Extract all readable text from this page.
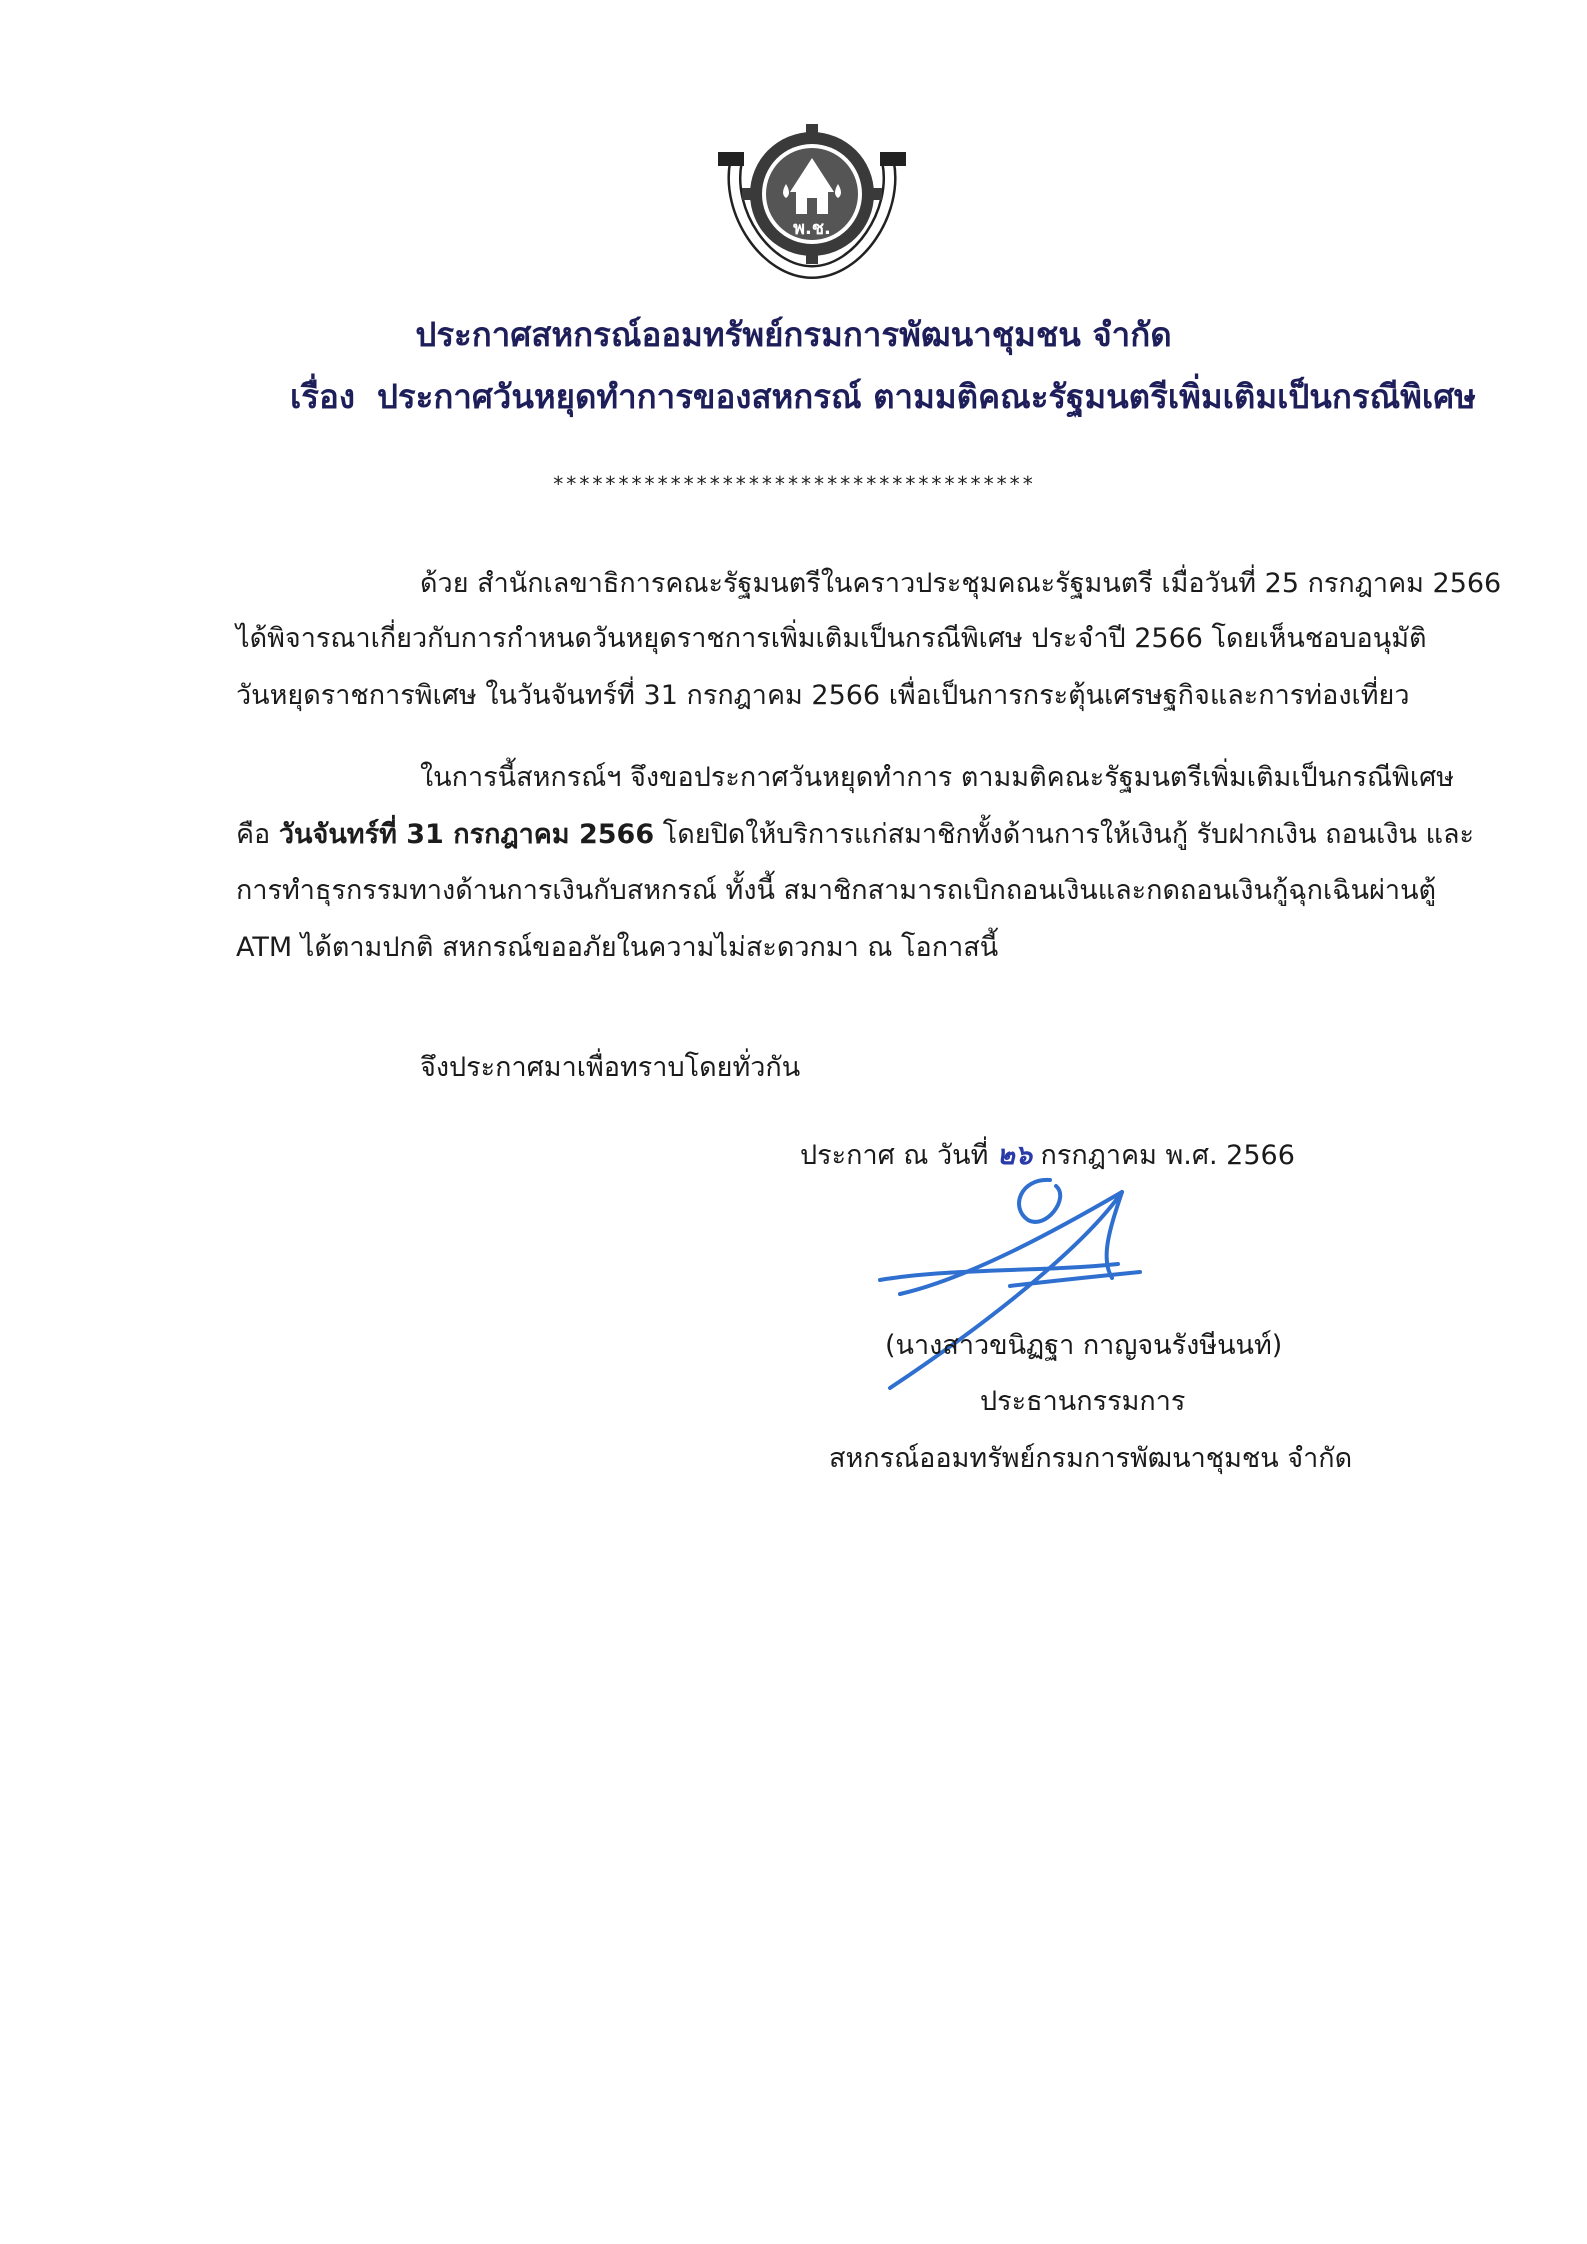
พ.ช.
ประกาศสหกรณ์ออมทรัพย์กรมการพัฒนาชุมชน จำกัด
เรื่อง ประกาศวันหยุดทำการของสหกรณ์ ตามมติคณะรัฐมนตรีเพิ่มเติมเป็นกรณีพิเศษ
*************************************
ด้วย สำนักเลขาธิการคณะรัฐมนตรีในคราวประชุมคณะรัฐมนตรี เมื่อวันที่ 25 กรกฎาคม 2566
ได้พิจารณาเกี่ยวกับการกำหนดวันหยุดราชการเพิ่มเติมเป็นกรณีพิเศษ ประจำปี 2566 โดยเห็นชอบอนุมัติ
วันหยุดราชการพิเศษ ในวันจันทร์ที่ 31 กรกฎาคม 2566 เพื่อเป็นการกระตุ้นเศรษฐกิจและการท่องเที่ยว
ในการนี้สหกรณ์ฯ จึงขอประกาศวันหยุดทำการ ตามมติคณะรัฐมนตรีเพิ่มเติมเป็นกรณีพิเศษ
คือ วันจันทร์ที่ 31 กรกฎาคม 2566 โดยปิดให้บริการแก่สมาชิกทั้งด้านการให้เงินกู้ รับฝากเงิน ถอนเงิน และ
การทำธุรกรรมทางด้านการเงินกับสหกรณ์ ทั้งนี้ สมาชิกสามารถเบิกถอนเงินและกดถอนเงินกู้ฉุกเฉินผ่านตู้
ATM ได้ตามปกติ สหกรณ์ขออภัยในความไม่สะดวกมา ณ โอกาสนี้
จึงประกาศมาเพื่อทราบโดยทั่วกัน
ประกาศ ณ วันที่ ๒๖ กรกฎาคม พ.ศ. 2566
(นางสาวขนิฏฐา กาญจนรังษีนนท์)
ประธานกรรมการ
สหกรณ์ออมทรัพย์กรมการพัฒนาชุมชน จำกัด
